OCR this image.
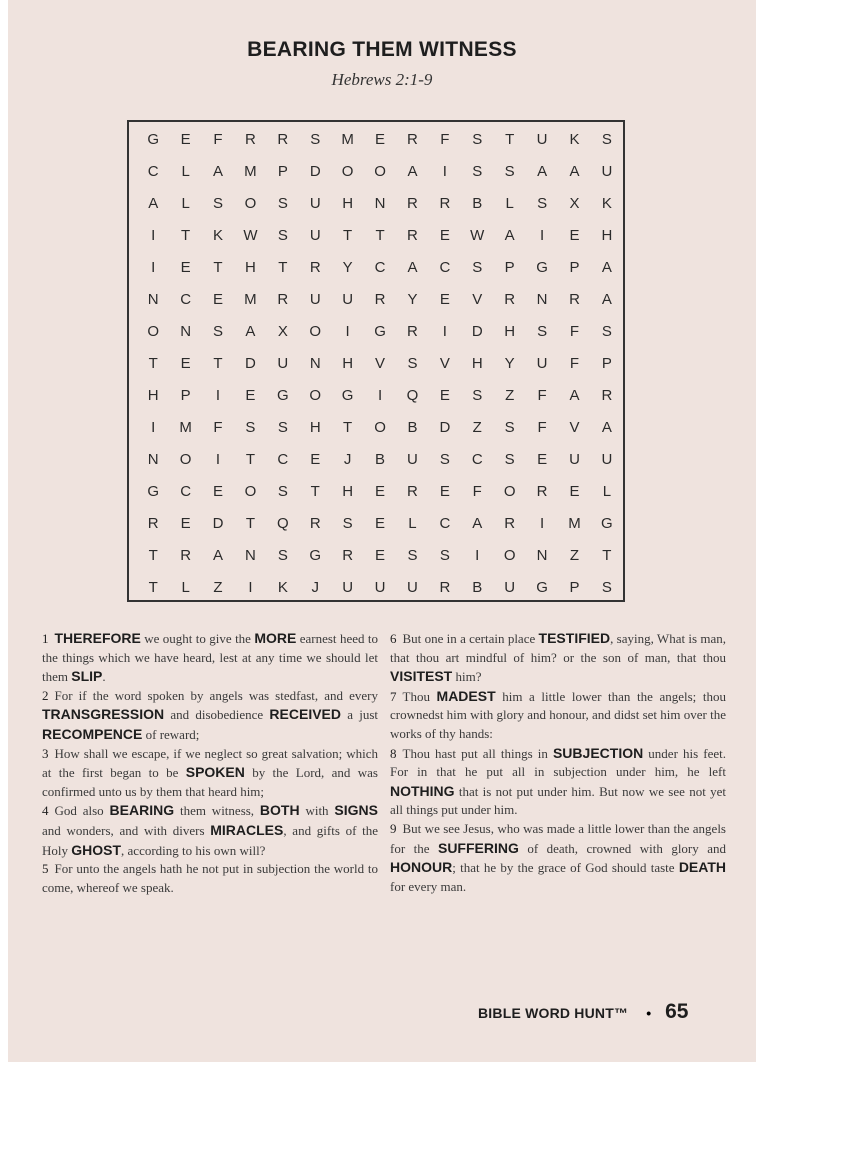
BEARING THEM WITNESS
Hebrews 2:1-9
G	E	F	R	R	S	M	E	R	F	S	T	U	K	S
C	L	A	M	P	D	O	O	A	I	S	S	A	A	U
A	L	S	O	S	U	H	N	R	R	B	L	S	X	K
I	T	K	W	S	U	T	T	R	E	W	A	I	E	H
I	E	T	H	T	R	Y	C	A	C	S	P	G	P	A
N	C	E	M	R	U	U	R	Y	E	V	R	N	R	A
O	N	S	A	X	O	I	G	R	I	D	H	S	F	S
T	E	T	D	U	N	H	V	S	V	H	Y	U	F	P
H	P	I	E	G	O	G	I	Q	E	S	Z	F	A	R
I	M	F	S	S	H	T	O	B	D	Z	S	F	V	A
N	O	I	T	C	E	J	B	U	S	C	S	E	U	U
G	C	E	O	S	T	H	E	R	E	F	O	R	E	L
R	E	D	T	Q	R	S	E	L	C	A	R	I	M	G
T	R	A	N	S	G	R	E	S	S	I	O	N	Z	T
T	L	Z	I	K	J	U	U	U	R	B	U	G	P	S
1 THEREFORE we ought to give the MORE earnest heed to the things which we have heard, lest at any time we should let them SLIP.
2 For if the word spoken by angels was stedfast, and every TRANSGRESSION and disobedience RECEIVED a just RECOMPENCE of reward;
3 How shall we escape, if we neglect so great salvation; which at the first began to be SPOKEN by the Lord, and was confirmed unto us by them that heard him;
4 God also BEARING them witness, BOTH with SIGNS and wonders, and with divers MIRACLES, and gifts of the Holy GHOST, according to his own will?
5 For unto the angels hath he not put in subjection the world to come, whereof we speak.
6 But one in a certain place TESTIFIED, saying, What is man, that thou art mindful of him? or the son of man, that thou VISITEST him?
7 Thou MADEST him a little lower than the angels; thou crownedst him with glory and honour, and didst set him over the works of thy hands:
8 Thou hast put all things in SUBJECTION under his feet. For in that he put all in subjection under him, he left NOTHING that is not put under him. But now we see not yet all things put under him.
9 But we see Jesus, who was made a little lower than the angels for the SUFFERING of death, crowned with glory and HONOUR; that he by the grace of God should taste DEATH for every man.
BIBLE WORD HUNT™ • 65
